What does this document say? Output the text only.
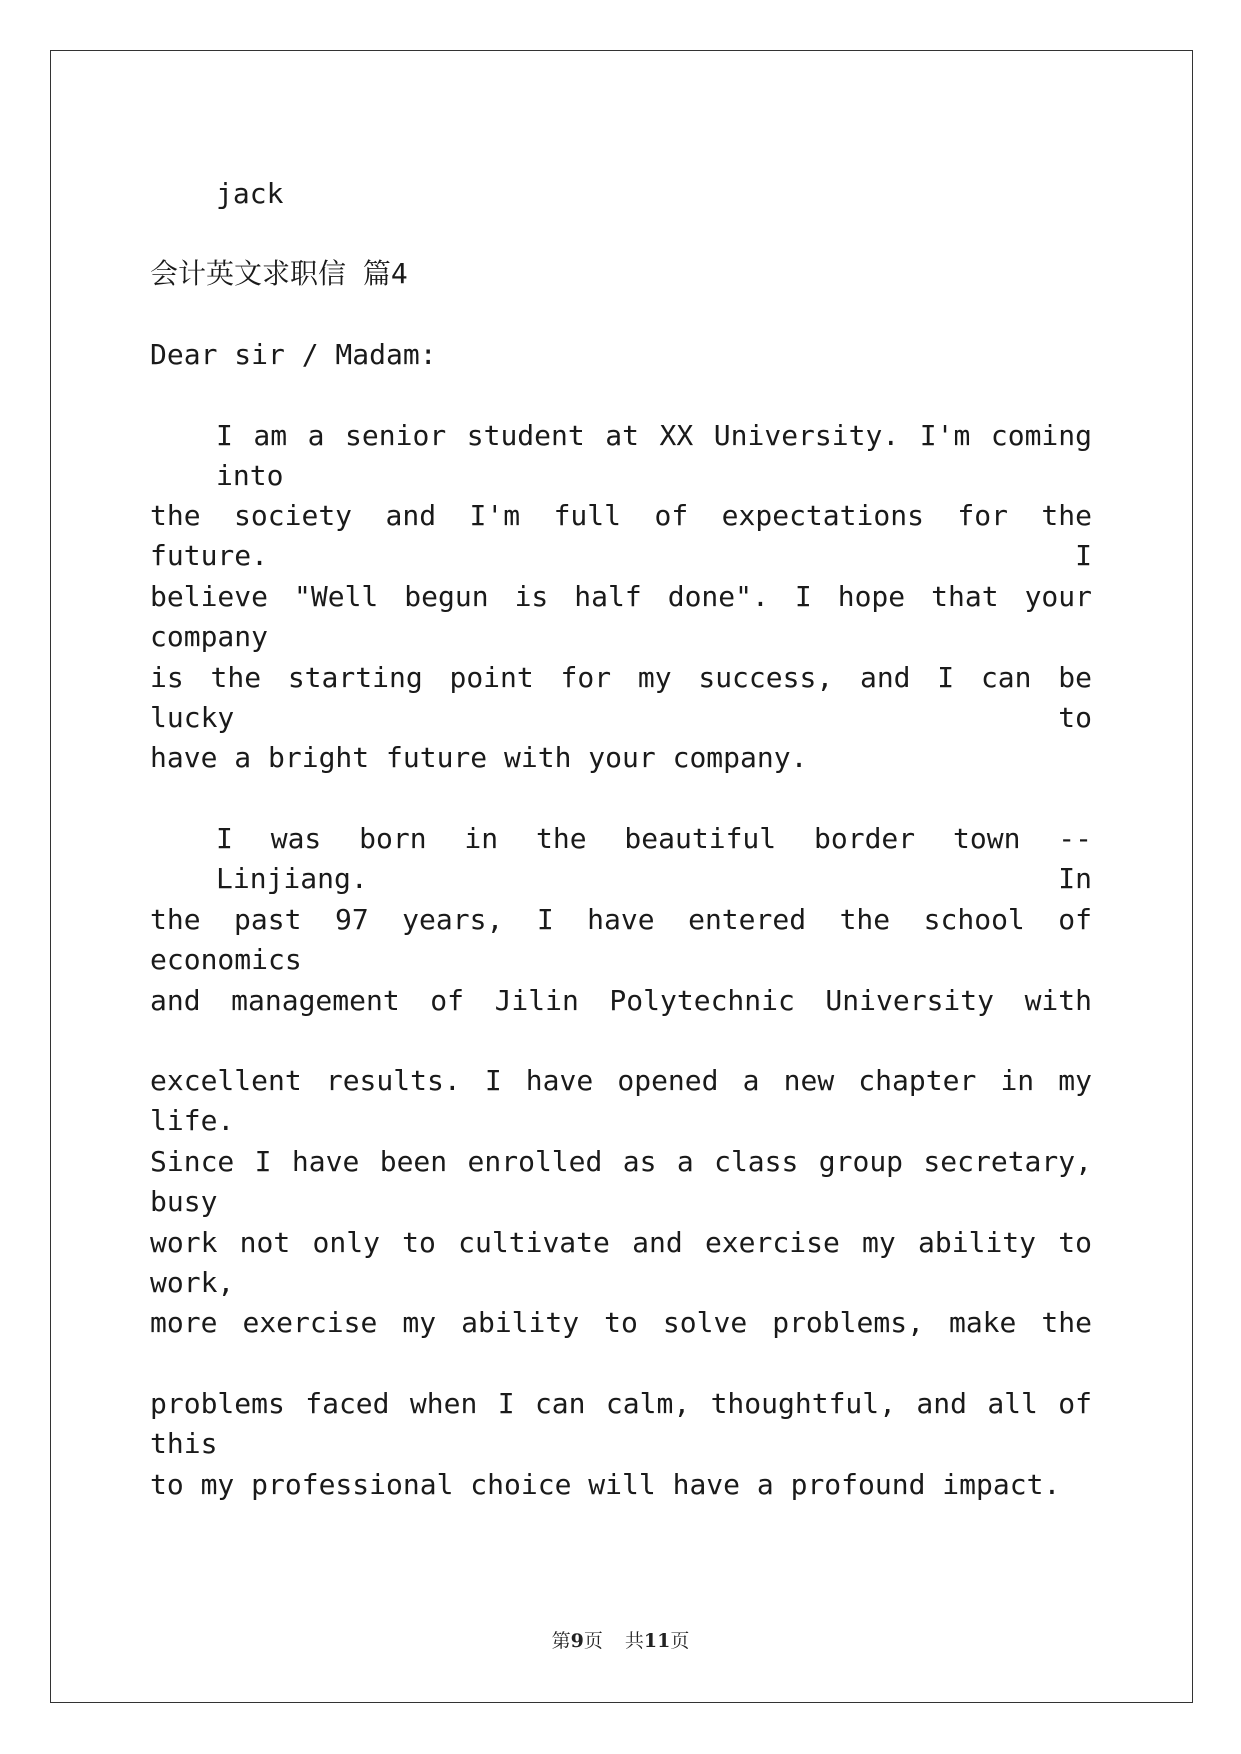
jack
会计英文求职信 篇4
Dear sir / Madam:
I am a senior student at XX University. I'm coming into
the society and I'm full of expectations for the future. I
believe "Well begun is half done". I hope that your company
is the starting point for my success, and I can be lucky to
have a bright future with your company.
I was born in the beautiful border town -- Linjiang. In
the past 97 years, I have entered the school of economics
and management of Jilin Polytechnic University with
excellent results. I have opened a new chapter in my life.
Since I have been enrolled as a class group secretary, busy
work not only to cultivate and exercise my ability to work,
more exercise my ability to solve problems, make the
problems faced when I can calm, thoughtful, and all of this
to my professional choice will have a profound impact.
第9页 共11页
